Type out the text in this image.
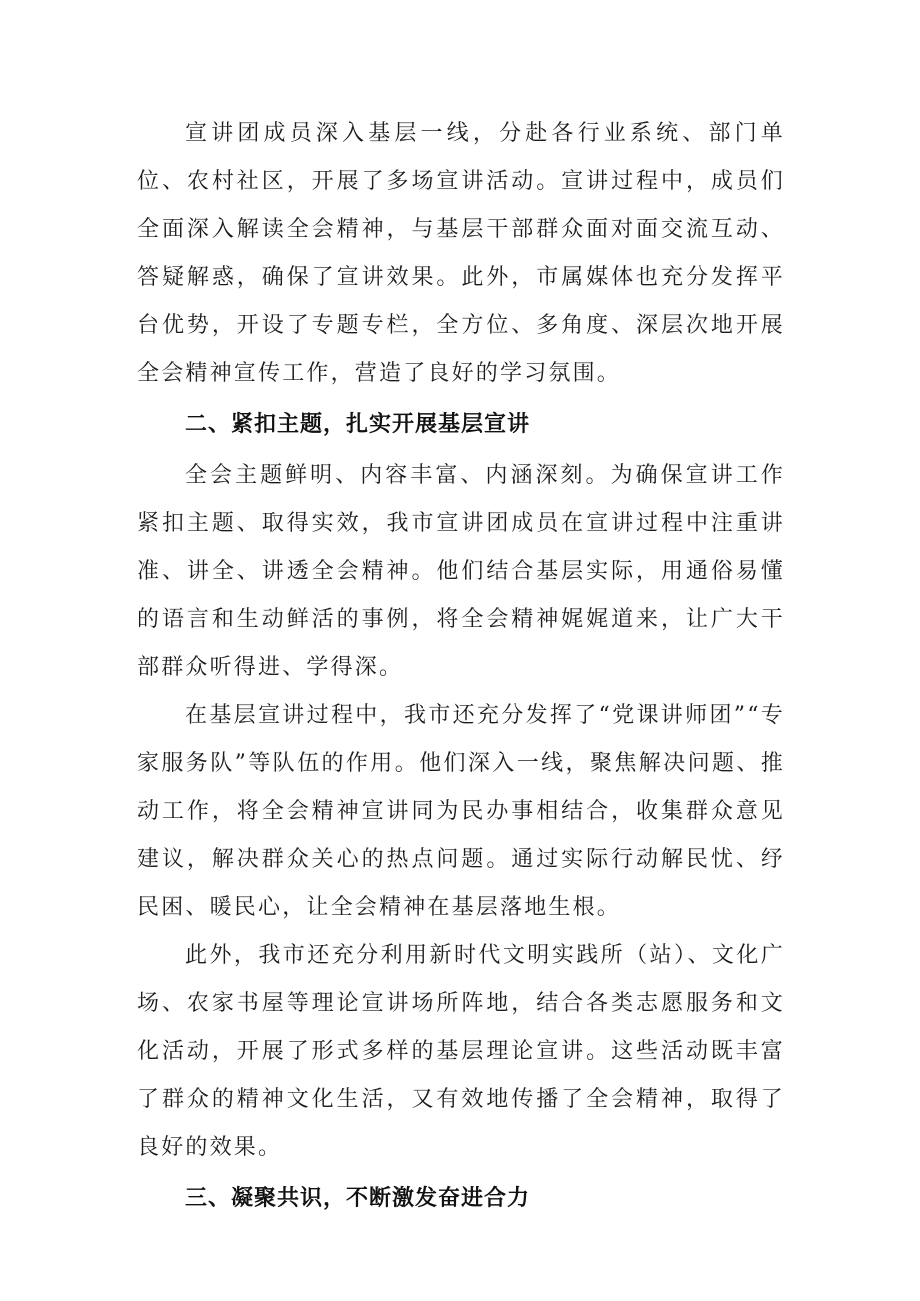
宣讲团成员深入基层一线，分赴各行业系统、部门单位、农村社区，开展了多场宣讲活动。宣讲过程中，成员们全面深入解读全会精神，与基层干部群众面对面交流互动、答疑解惑，确保了宣讲效果。此外，市属媒体也充分发挥平台优势，开设了专题专栏，全方位、多角度、深层次地开展全会精神宣传工作，营造了良好的学习氛围。

二、紧扣主题，扎实开展基层宣讲

全会主题鲜明、内容丰富、内涵深刻。为确保宣讲工作紧扣主题、取得实效，我市宣讲团成员在宣讲过程中注重讲准、讲全、讲透全会精神。他们结合基层实际，用通俗易懂的语言和生动鲜活的事例，将全会精神娓娓道来，让广大干部群众听得进、学得深。

在基层宣讲过程中，我市还充分发挥了“党课讲师团”“专家服务队”等队伍的作用。他们深入一线，聚焦解决问题、推动工作，将全会精神宣讲同为民办事相结合，收集群众意见建议，解决群众关心的热点问题。通过实际行动解民忧、纾民困、暖民心，让全会精神在基层落地生根。

此外，我市还充分利用新时代文明实践所（站）、文化广场、农家书屋等理论宣讲场所阵地，结合各类志愿服务和文化活动，开展了形式多样的基层理论宣讲。这些活动既丰富了群众的精神文化生活，又有效地传播了全会精神，取得了良好的效果。

三、凝聚共识，不断激发奋进合力
